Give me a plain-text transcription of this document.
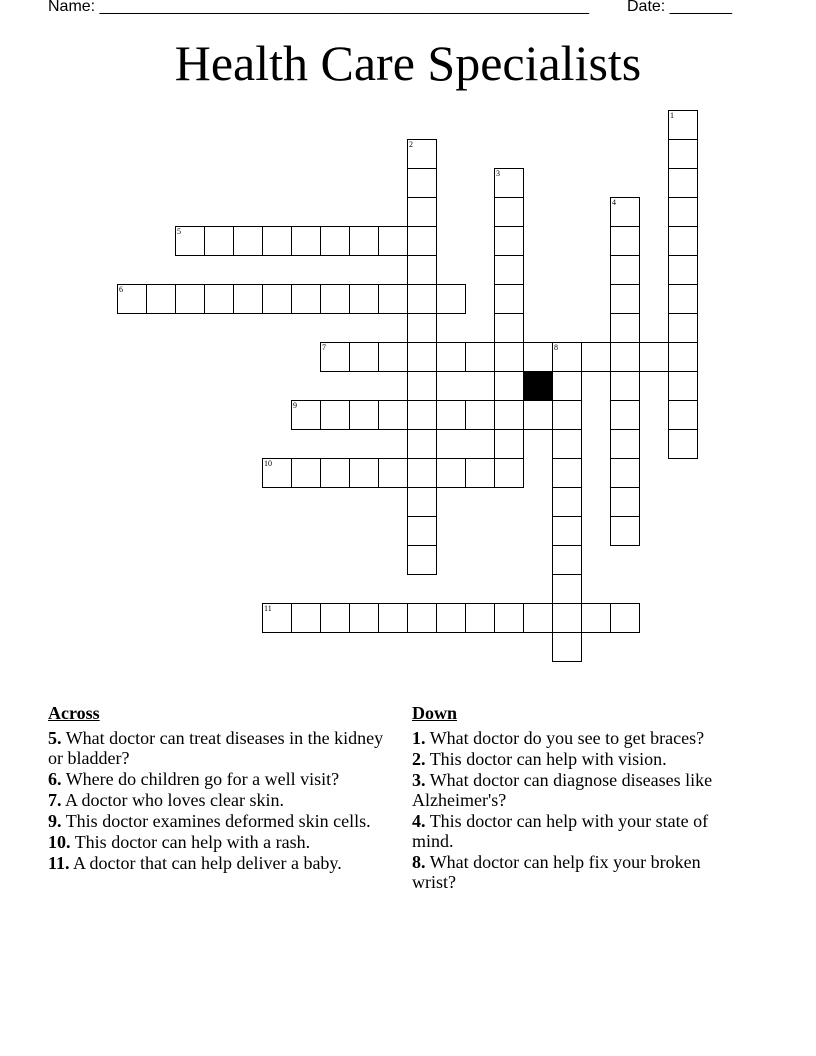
Name: _______________________________________________________ Date: _______
Health Care Specialists
1
2
3
4
8
5
6
7
9
10
11
Across
5. What doctor can treat diseases in the kidney or bladder?
6. Where do children go for a well visit?
7. A doctor who loves clear skin.
9. This doctor examines deformed skin cells.
10. This doctor can help with a rash.
11. A doctor that can help deliver a baby.
Down
1. What doctor do you see to get braces?
2. This doctor can help with vision.
3. What doctor can diagnose diseases like Alzheimer's?
4. This doctor can help with your state of mind.
8. What doctor can help fix your broken wrist?
